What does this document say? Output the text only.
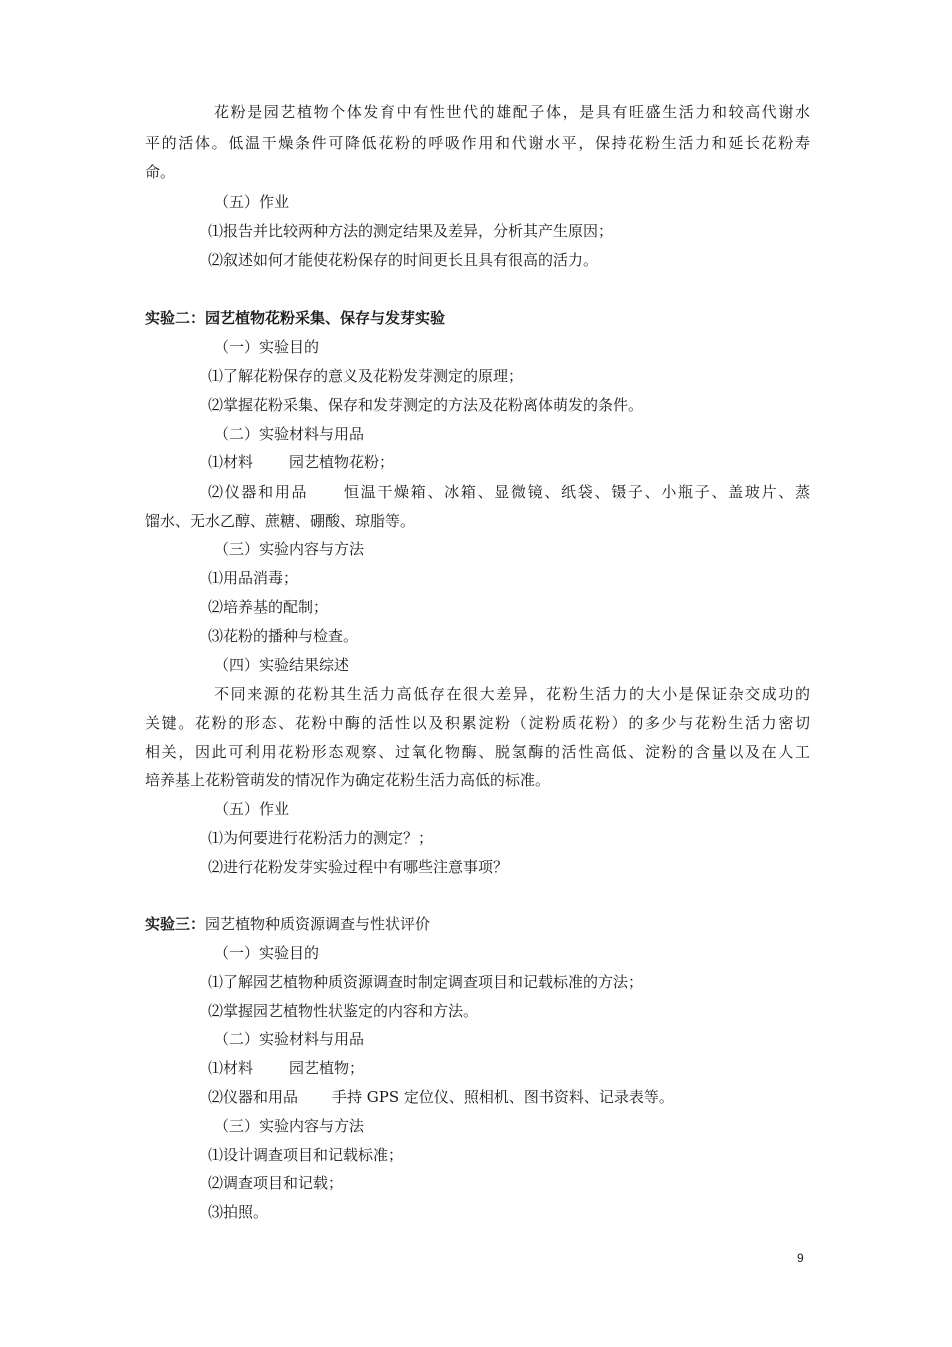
花粉是园艺植物个体发育中有性世代的雄配子体，是具有旺盛生活力和较高代谢水
平的活体。低温干燥条件可降低花粉的呼吸作用和代谢水平，保持花粉生活力和延长花粉寿
命。
（五）作业
⑴报告并比较两种方法的测定结果及差异，分析其产生原因；
⑵叙述如何才能使花粉保存的时间更长且具有很高的活力。
实验二：园艺植物花粉采集、保存与发芽实验
（一）实验目的
⑴了解花粉保存的意义及花粉发芽测定的原理；
⑵掌握花粉采集、保存和发芽测定的方法及花粉离体萌发的条件。
（二）实验材料与用品
⑴材料 园艺植物花粉；
⑵仪器和用品 恒温干燥箱、冰箱、显微镜、纸袋、镊子、小瓶子、盖玻片、蒸
馏水、无水乙醇、蔗糖、硼酸、琼脂等。
（三）实验内容与方法
⑴用品消毒；
⑵培养基的配制；
⑶花粉的播种与检查。
（四）实验结果综述
不同来源的花粉其生活力高低存在很大差异，花粉生活力的大小是保证杂交成功的
关键。花粉的形态、花粉中酶的活性以及积累淀粉（淀粉质花粉）的多少与花粉生活力密切
相关，因此可利用花粉形态观察、过氧化物酶、脱氢酶的活性高低、淀粉的含量以及在人工
培养基上花粉管萌发的情况作为确定花粉生活力高低的标准。
（五）作业
⑴为何要进行花粉活力的测定？；
⑵进行花粉发芽实验过程中有哪些注意事项？
实验三：园艺植物种质资源调查与性状评价
（一）实验目的
⑴了解园艺植物种质资源调查时制定调查项目和记载标准的方法；
⑵掌握园艺植物性状鉴定的内容和方法。
（二）实验材料与用品
⑴材料 园艺植物；
⑵仪器和用品 手持 GPS 定位仪、照相机、图书资料、记录表等。
（三）实验内容与方法
⑴设计调查项目和记载标准；
⑵调查项目和记载；
⑶拍照。
9
